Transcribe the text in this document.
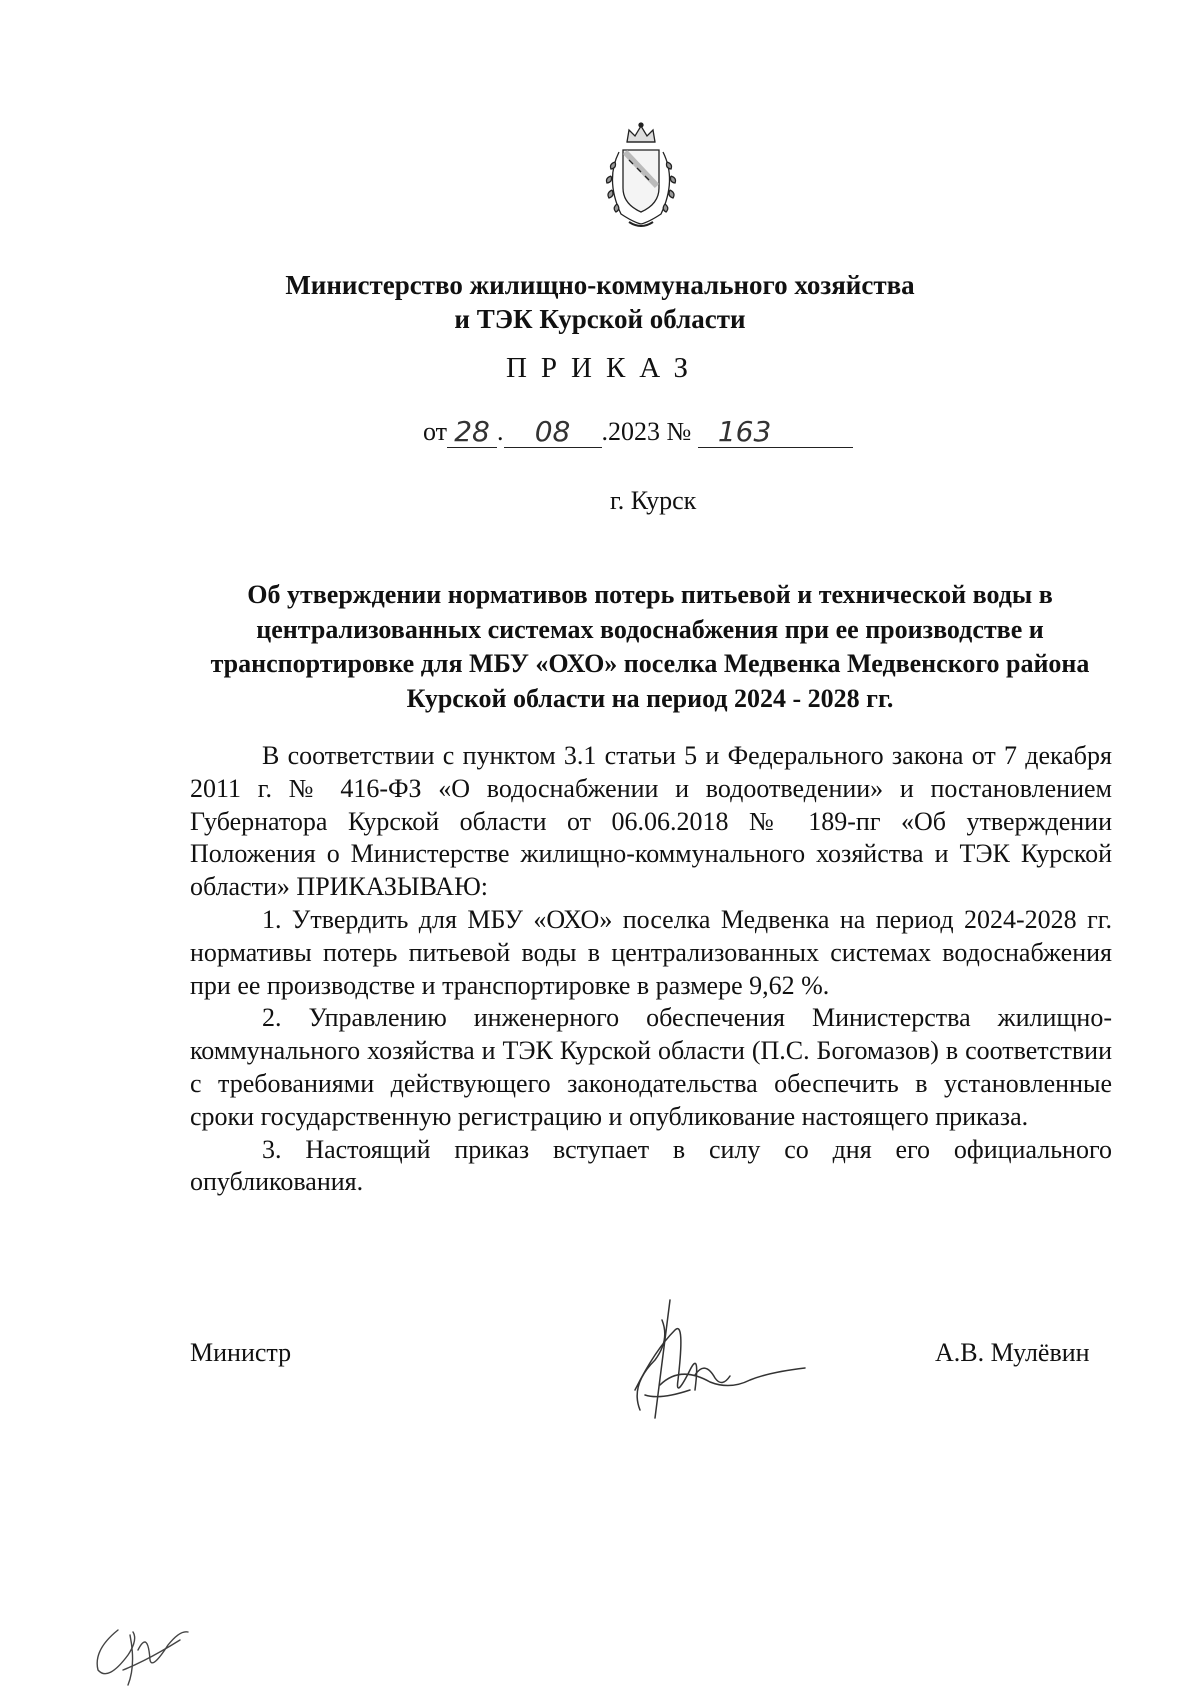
Министерство жилищно-коммунального хозяйства
и ТЭК Курской области
ПРИКАЗ
от 28 . 08 .2023 № 163
г. Курск
Об утверждении нормативов потерь питьевой и технической воды в централизованных системах водоснабжения при ее производстве и транспортировке для МБУ «ОХО» поселка Медвенка Медвенского района Курской области на период 2024 - 2028 гг.

В соответствии с пунктом 3.1 статьи 5 и Федерального закона от 7 декабря 2011 г. № 416-ФЗ «О водоснабжении и водоотведении» и постановлением Губернатора Курской области от 06.06.2018 № 189-пг «Об утверждении Положения о Министерстве жилищно-коммунального хозяйства и ТЭК Курской области» ПРИКАЗЫВАЮ:

1. Утвердить для МБУ «ОХО» поселка Медвенка на период 2024-2028 гг. нормативы потерь питьевой воды в централизованных системах водоснабжения при ее производстве и транспортировке в размере 9,62 %.

2. Управлению инженерного обеспечения Министерства жилищно-коммунального хозяйства и ТЭК Курской области (П.С. Богомазов) в соответствии с требованиями действующего законодательства обеспечить в установленные сроки государственную регистрацию и опубликование настоящего приказа.

3. Настоящий приказ вступает в силу со дня его официального опубликования.

Министр	А.В. Мулёвин
